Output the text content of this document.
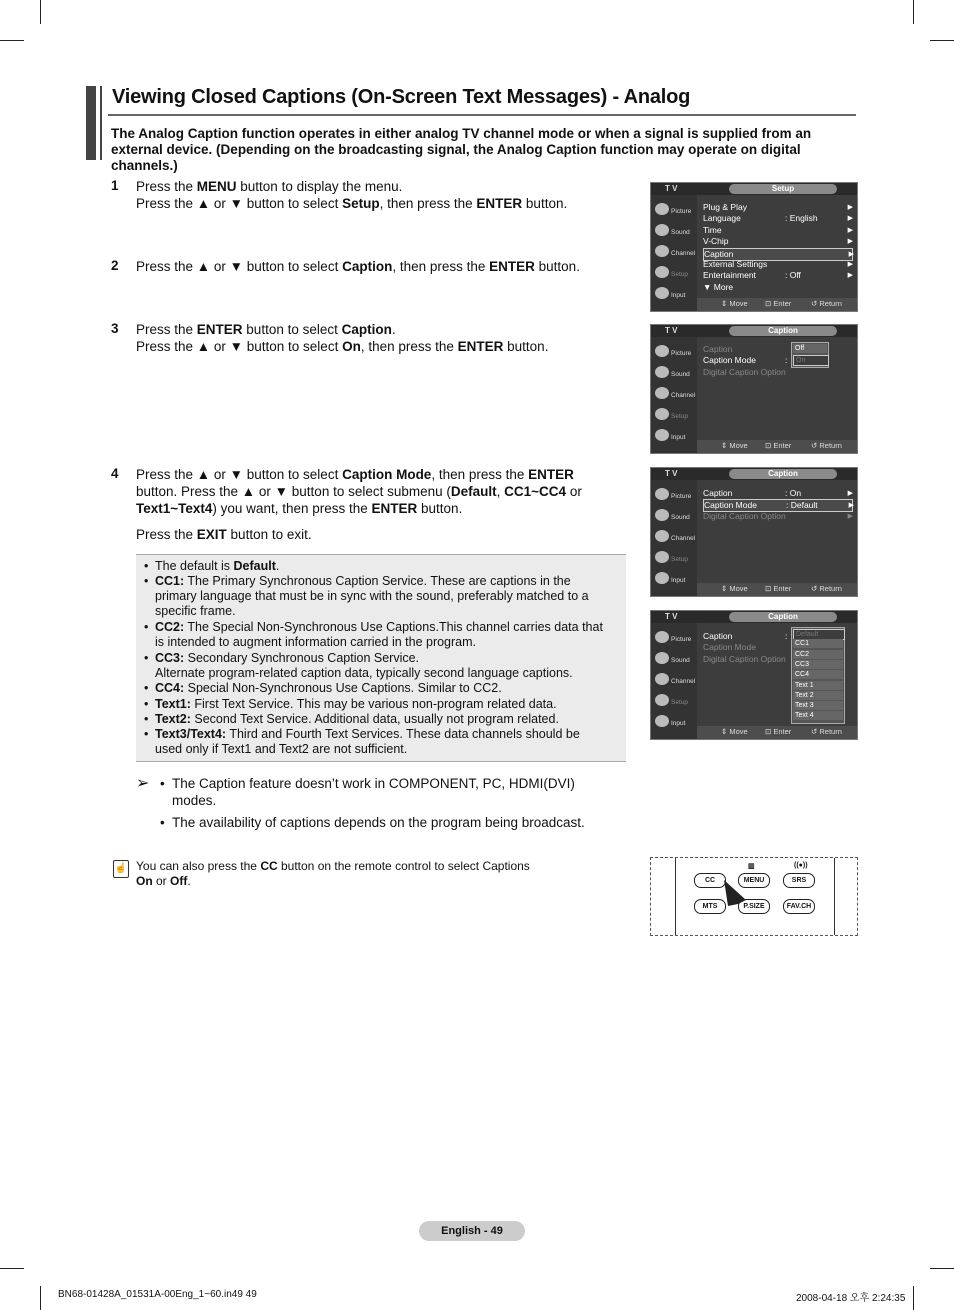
Viewing Closed Captions (On-Screen Text Messages) - Analog
The Analog Caption function operates in either analog TV channel mode or when a signal is supplied from an external device. (Depending on the broadcasting signal, the Analog Caption function may operate on digital channels.)
1 Press the MENU button to display the menu.
Press the ▲ or ▼ button to select Setup, then press the ENTER button.
2 Press the ▲ or ▼ button to select Caption, then press the ENTER button.
3 Press the ENTER button to select Caption.
Press the ▲ or ▼ button to select On, then press the ENTER button.
4 Press the ▲ or ▼ button to select Caption Mode, then press the ENTER
button. Press the ▲ or ▼ button to select submenu (Default, CC1~CC4 or
Text1~Text4) you want, then press the ENTER button.
Press the EXIT button to exit.
• The default is Default.
• CC1: The Primary Synchronous Caption Service. These are captions in the
primary language that must be in sync with the sound, preferably matched to a
specific frame.
• CC2: The Special Non-Synchronous Use Captions.This channel carries data that
is intended to augment information carried in the program.
• CC3: Secondary Synchronous Caption Service.
Alternate program-related caption data, typically second language captions.
• CC4: Special Non-Synchronous Use Captions. Similar to CC2.
• Text1: First Text Service. This may be various non-program related data.
• Text2: Second Text Service. Additional data, usually not program related.
• Text3/Text4: Third and Fourth Text Services. These data channels should be
used only if Text1 and Text2 are not sufficient.
➢ • The Caption feature doesn’t work in COMPONENT, PC, HDMI(DVI) modes.
• The availability of captions depends on the program being broadcast.
☝ You can also press the CC button on the remote control to select Captions
On or Off.
T V	Setup
Picture
Sound
Channel
Setup
Input
Plug & Play	▶
Language	: English	▶
Time	▶
V-Chip	▶
Caption	▶
External Settings	▶
Entertainment	: Off	▶
▼ More
⇕ Move ⊡ Enter	↺ Return
T V	Caption
Picture
Sound
Channel
Setup
Input
Caption
Caption Mode	:
Digital Caption Option
Off
On
⇕ Move ⊡ Enter	↺ Return
T V	Caption
Picture
Sound
Channel
Setup
Input
Caption	: On	▶
Caption Mode	: Default	▶
Digital Caption Option	▶
⇕ Move ⊡ Enter	↺ Return
T V	Caption
Picture
Sound
Channel
Setup
Input
Caption	:
Caption Mode
Digital Caption Option
Default
CC1
CC2
CC3
CC4
Text 1
Text 2
Text 3
Text 4
⇕ Move ⊡ Enter	↺ Return
▥	((●))
CC	MENU	SRS
MTS	P.SIZE	FAV.CH
English - 49
BN68-01428A_01531A-00Eng_1~60.in49 49	2008-04-18 오후 2:24:35
